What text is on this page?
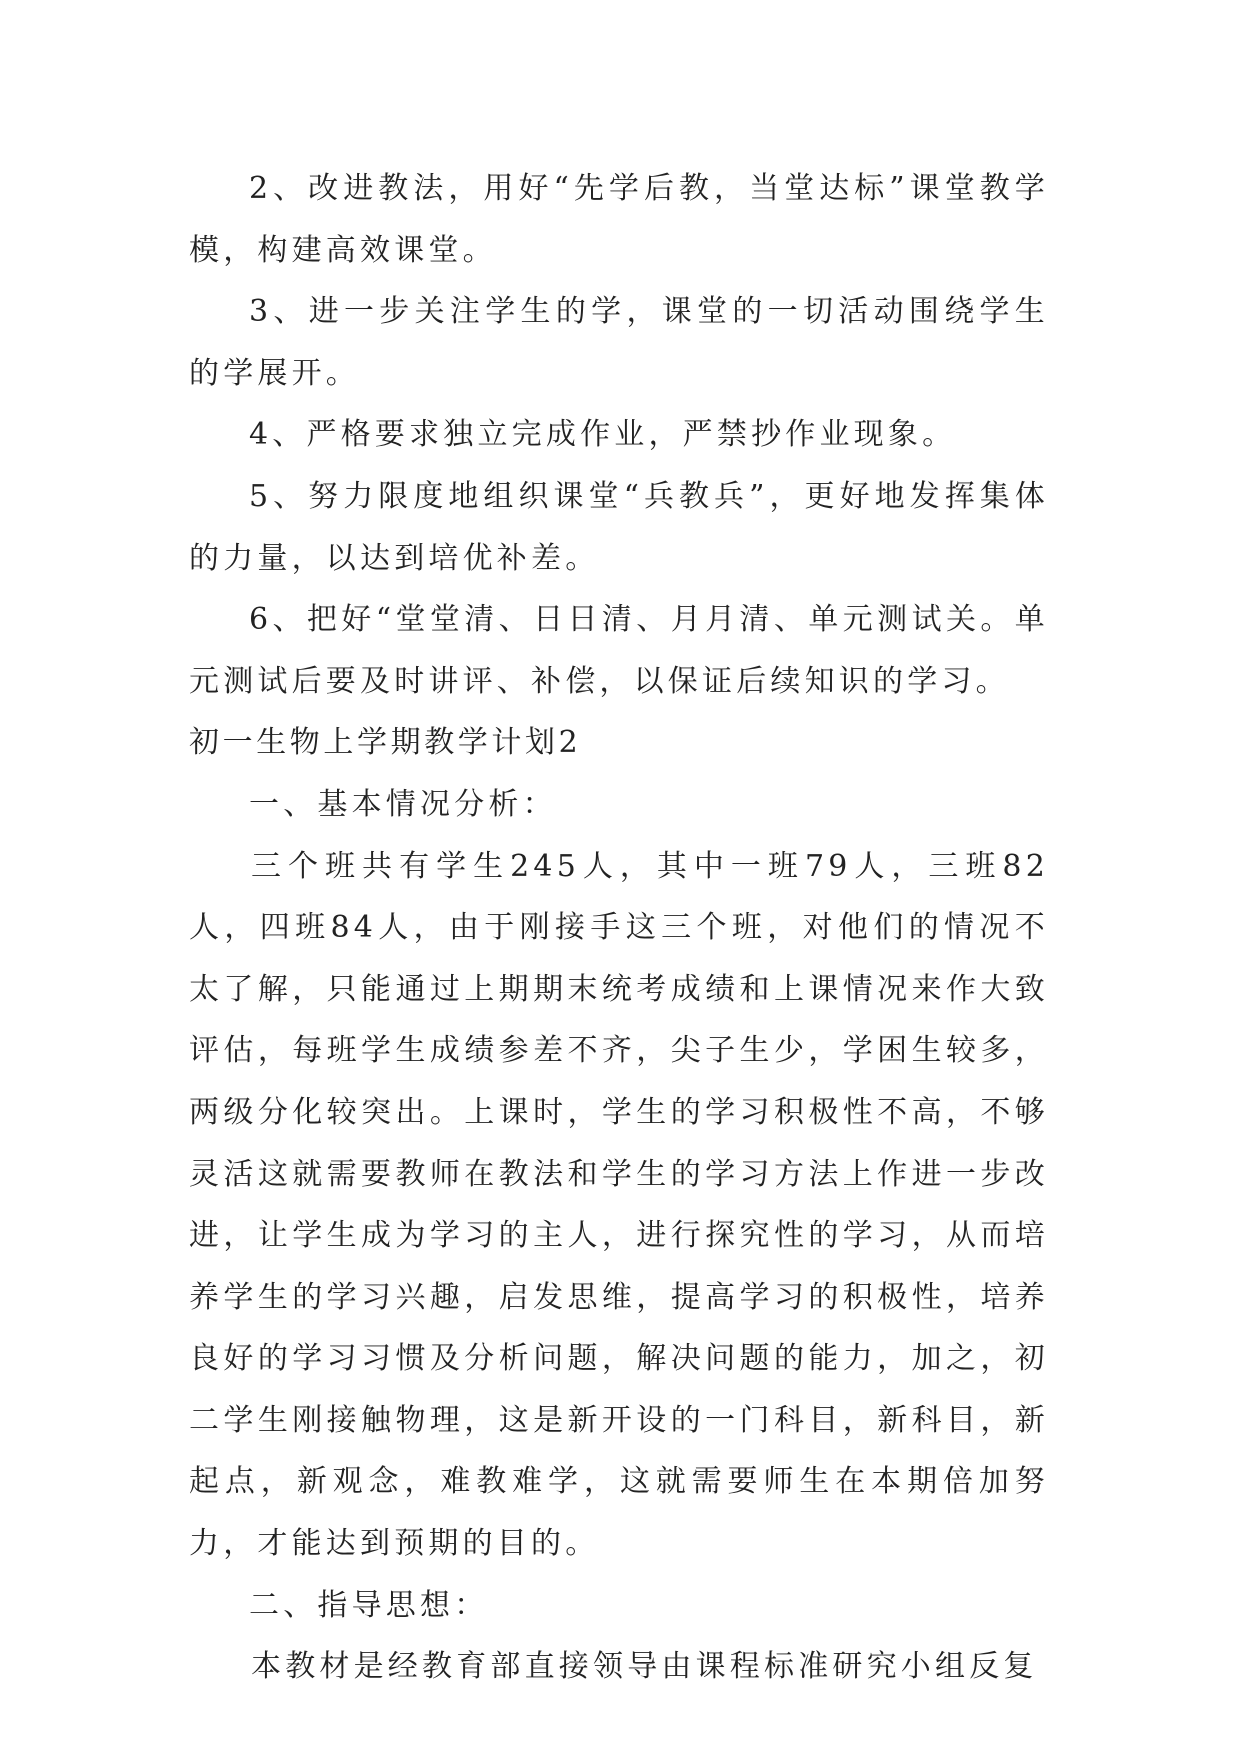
2、改进教法，用好“先学后教，当堂达标”课堂教学模，构建高效课堂。

3、进一步关注学生的学，课堂的一切活动围绕学生的学展开。

4、严格要求独立完成作业，严禁抄作业现象。

5、努力限度地组织课堂“兵教兵”，更好地发挥集体的力量，以达到培优补差。

6、把好“堂堂清、日日清、月月清、单元测试关。单元测试后要及时讲评、补偿，以保证后续知识的学习。

初一生物上学期教学计划2

一、基本情况分析：

三个班共有学生245人，其中一班79人，三班82人，四班84人，由于刚接手这三个班，对他们的情况不太了解，只能通过上期期末统考成绩和上课情况来作大致评估，每班学生成绩参差不齐，尖子生少，学困生较多，两级分化较突出。上课时，学生的学习积极性不高，不够灵活这就需要教师在教法和学生的学习方法上作进一步改进，让学生成为学习的主人，进行探究性的学习，从而培养学生的学习兴趣，启发思维，提高学习的积极性，培养良好的学习习惯及分析问题，解决问题的能力，加之，初二学生刚接触物理，这是新开设的一门科目，新科目，新起点，新观念，难教难学，这就需要师生在本期倍加努力，才能达到预期的目的。

二、指导思想：

本教材是经教育部直接领导由课程标准研究小组反复
